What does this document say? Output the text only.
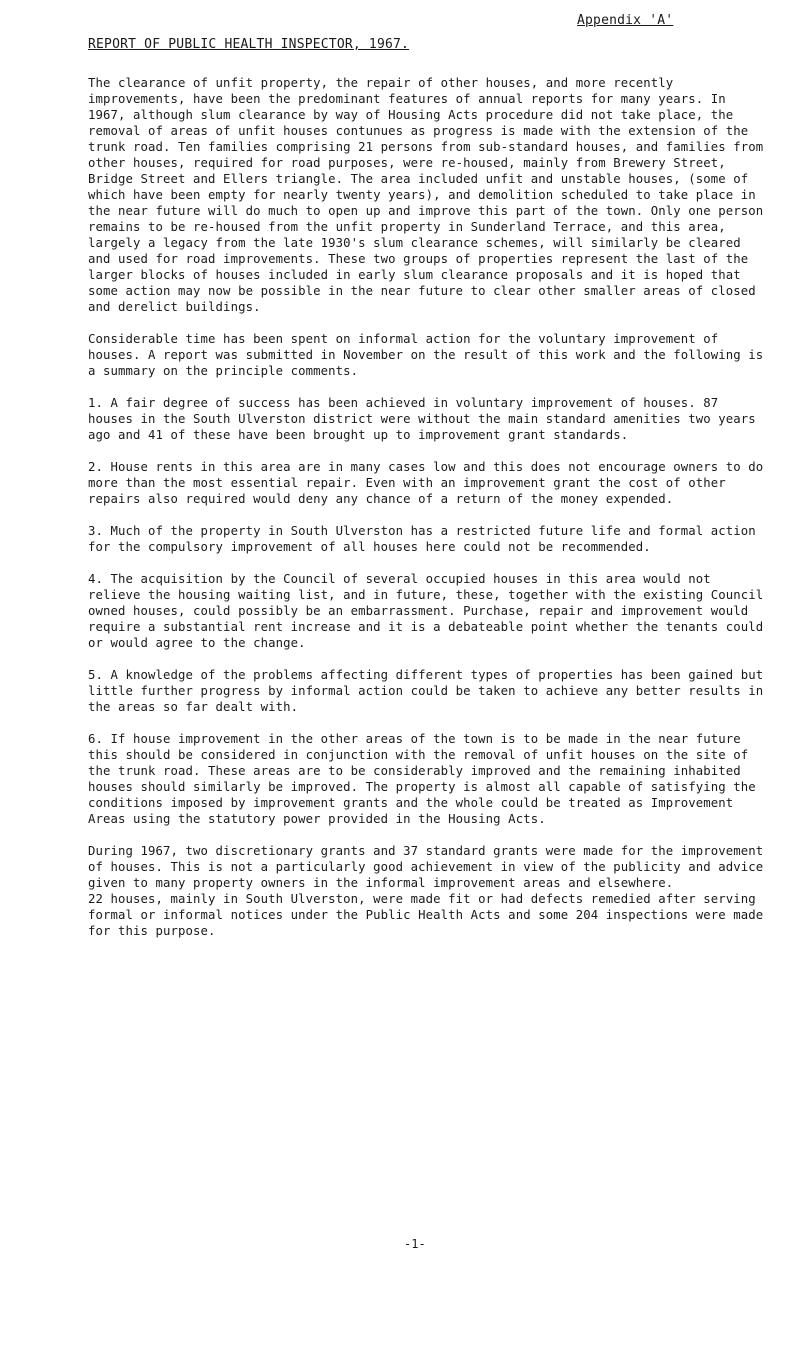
Appendix 'A'
REPORT OF PUBLIC HEALTH INSPECTOR, 1967.

The clearance of unfit property, the repair of other houses, and more recently improvements, have been the predominant features of annual reports for many years. In 1967, although slum clearance by way of Housing Acts procedure did not take place, the removal of areas of unfit houses contunues as progress is made with the extension of the trunk road. Ten families comprising 21 persons from sub-standard houses, and families from other houses, required for road purposes, were re-housed, mainly from Brewery Street, Bridge Street and Ellers triangle. The area included unfit and unstable houses, (some of which have been empty for nearly twenty years), and demolition scheduled to take place in the near future will do much to open up and improve this part of the town. Only one person remains to be re-housed from the unfit property in Sunderland Terrace, and this area, largely a legacy from the late 1930's slum clearance schemes, will similarly be cleared and used for road improvements. These two groups of properties represent the last of the larger blocks of houses included in early slum clearance proposals and it is hoped that some action may now be possible in the near future to clear other smaller areas of closed and derelict buildings.

Considerable time has been spent on informal action for the voluntary improvement of houses. A report was submitted in November on the result of this work and the following is a summary on the principle comments.

1. A fair degree of success has been achieved in voluntary improvement of houses. 87 houses in the South Ulverston district were without the main standard amenities two years ago and 41 of these have been brought up to improvement grant standards.

2. House rents in this area are in many cases low and this does not encourage owners to do more than the most essential repair. Even with an improvement grant the cost of other repairs also required would deny any chance of a return of the money expended.

3. Much of the property in South Ulverston has a restricted future life and formal action for the compulsory improvement of all houses here could not be recommended.

4. The acquisition by the Council of several occupied houses in this area would not relieve the housing waiting list, and in future, these, together with the existing Council owned houses, could possibly be an embarrassment. Purchase, repair and improvement would require a substantial rent increase and it is a debateable point whether the tenants could or would agree to the change.

5. A knowledge of the problems affecting different types of properties has been gained but little further progress by informal action could be taken to achieve any better results in the areas so far dealt with.

6. If house improvement in the other areas of the town is to be made in the near future this should be considered in conjunction with the removal of unfit houses on the site of the trunk road. These areas are to be considerably improved and the remaining inhabited houses should similarly be improved. The property is almost all capable of satisfying the conditions imposed by improvement grants and the whole could be treated as Improvement Areas using the statutory power provided in the Housing Acts.

During 1967, two discretionary grants and 37 standard grants were made for the improvement of houses. This is not a particularly good achievement in view of the publicity and advice given to many property owners in the informal improvement areas and elsewhere.

22 houses, mainly in South Ulverston, were made fit or had defects remedied after serving formal or informal notices under the Public Health Acts and some 204 inspections were made for this purpose.

-1-
